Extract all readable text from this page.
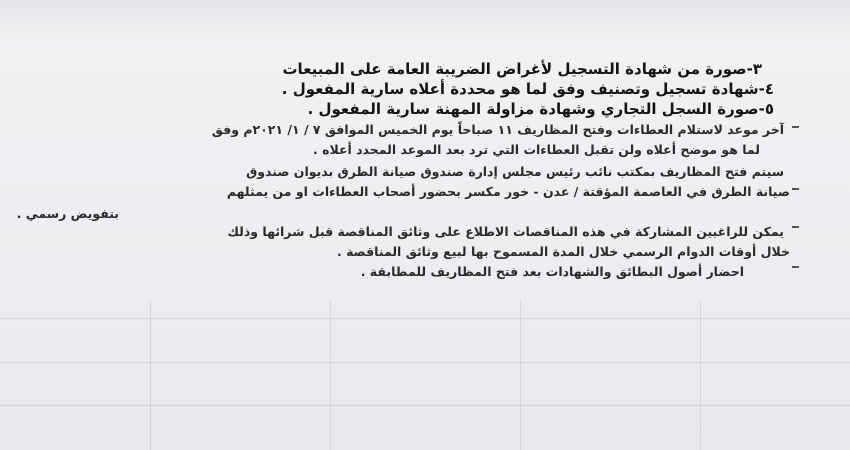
٣-صورة من شهادة التسجيل لأغراض الضريبة العامة على المبيعات
٤-شهادة تسجيل وتصنيف وفق لما هو محددة أعلاه سارية المفعول .
٥-صورة السجل التجاري وشهادة مزاولة المهنة سارية المفعول .
آخر موعد لاستلام العطاءات وفتح المظاريف ١١ صباحاً يوم الخميس الموافق ٧ / ١/ ٢٠٢١م وفق
لما هو موضح أعلاه ولن تقبل العطاءات التي ترد بعد الموعد المحدد أعلاه .
سيتم فتح المظاريف بمكتب نائب رئيس مجلس إدارة صندوق صيانة الطرق بديوان صندوق
صيانة الطرق في العاصمة المؤقتة / عدن - خور مكسر بحضور أصحاب العطاءات او من يمثلهم
بتفويض رسمي .
يمكن للراغبين المشاركة في هذه المناقصات الاطلاع على وثائق المناقصة قبل شرائها وذلك
خلال أوقات الدوام الرسمي خلال المدة المسموح بها لبيع وثائق المناقصة .
احضار أصول البطائق والشهادات بعد فتح المظاريف للمطابقة .
